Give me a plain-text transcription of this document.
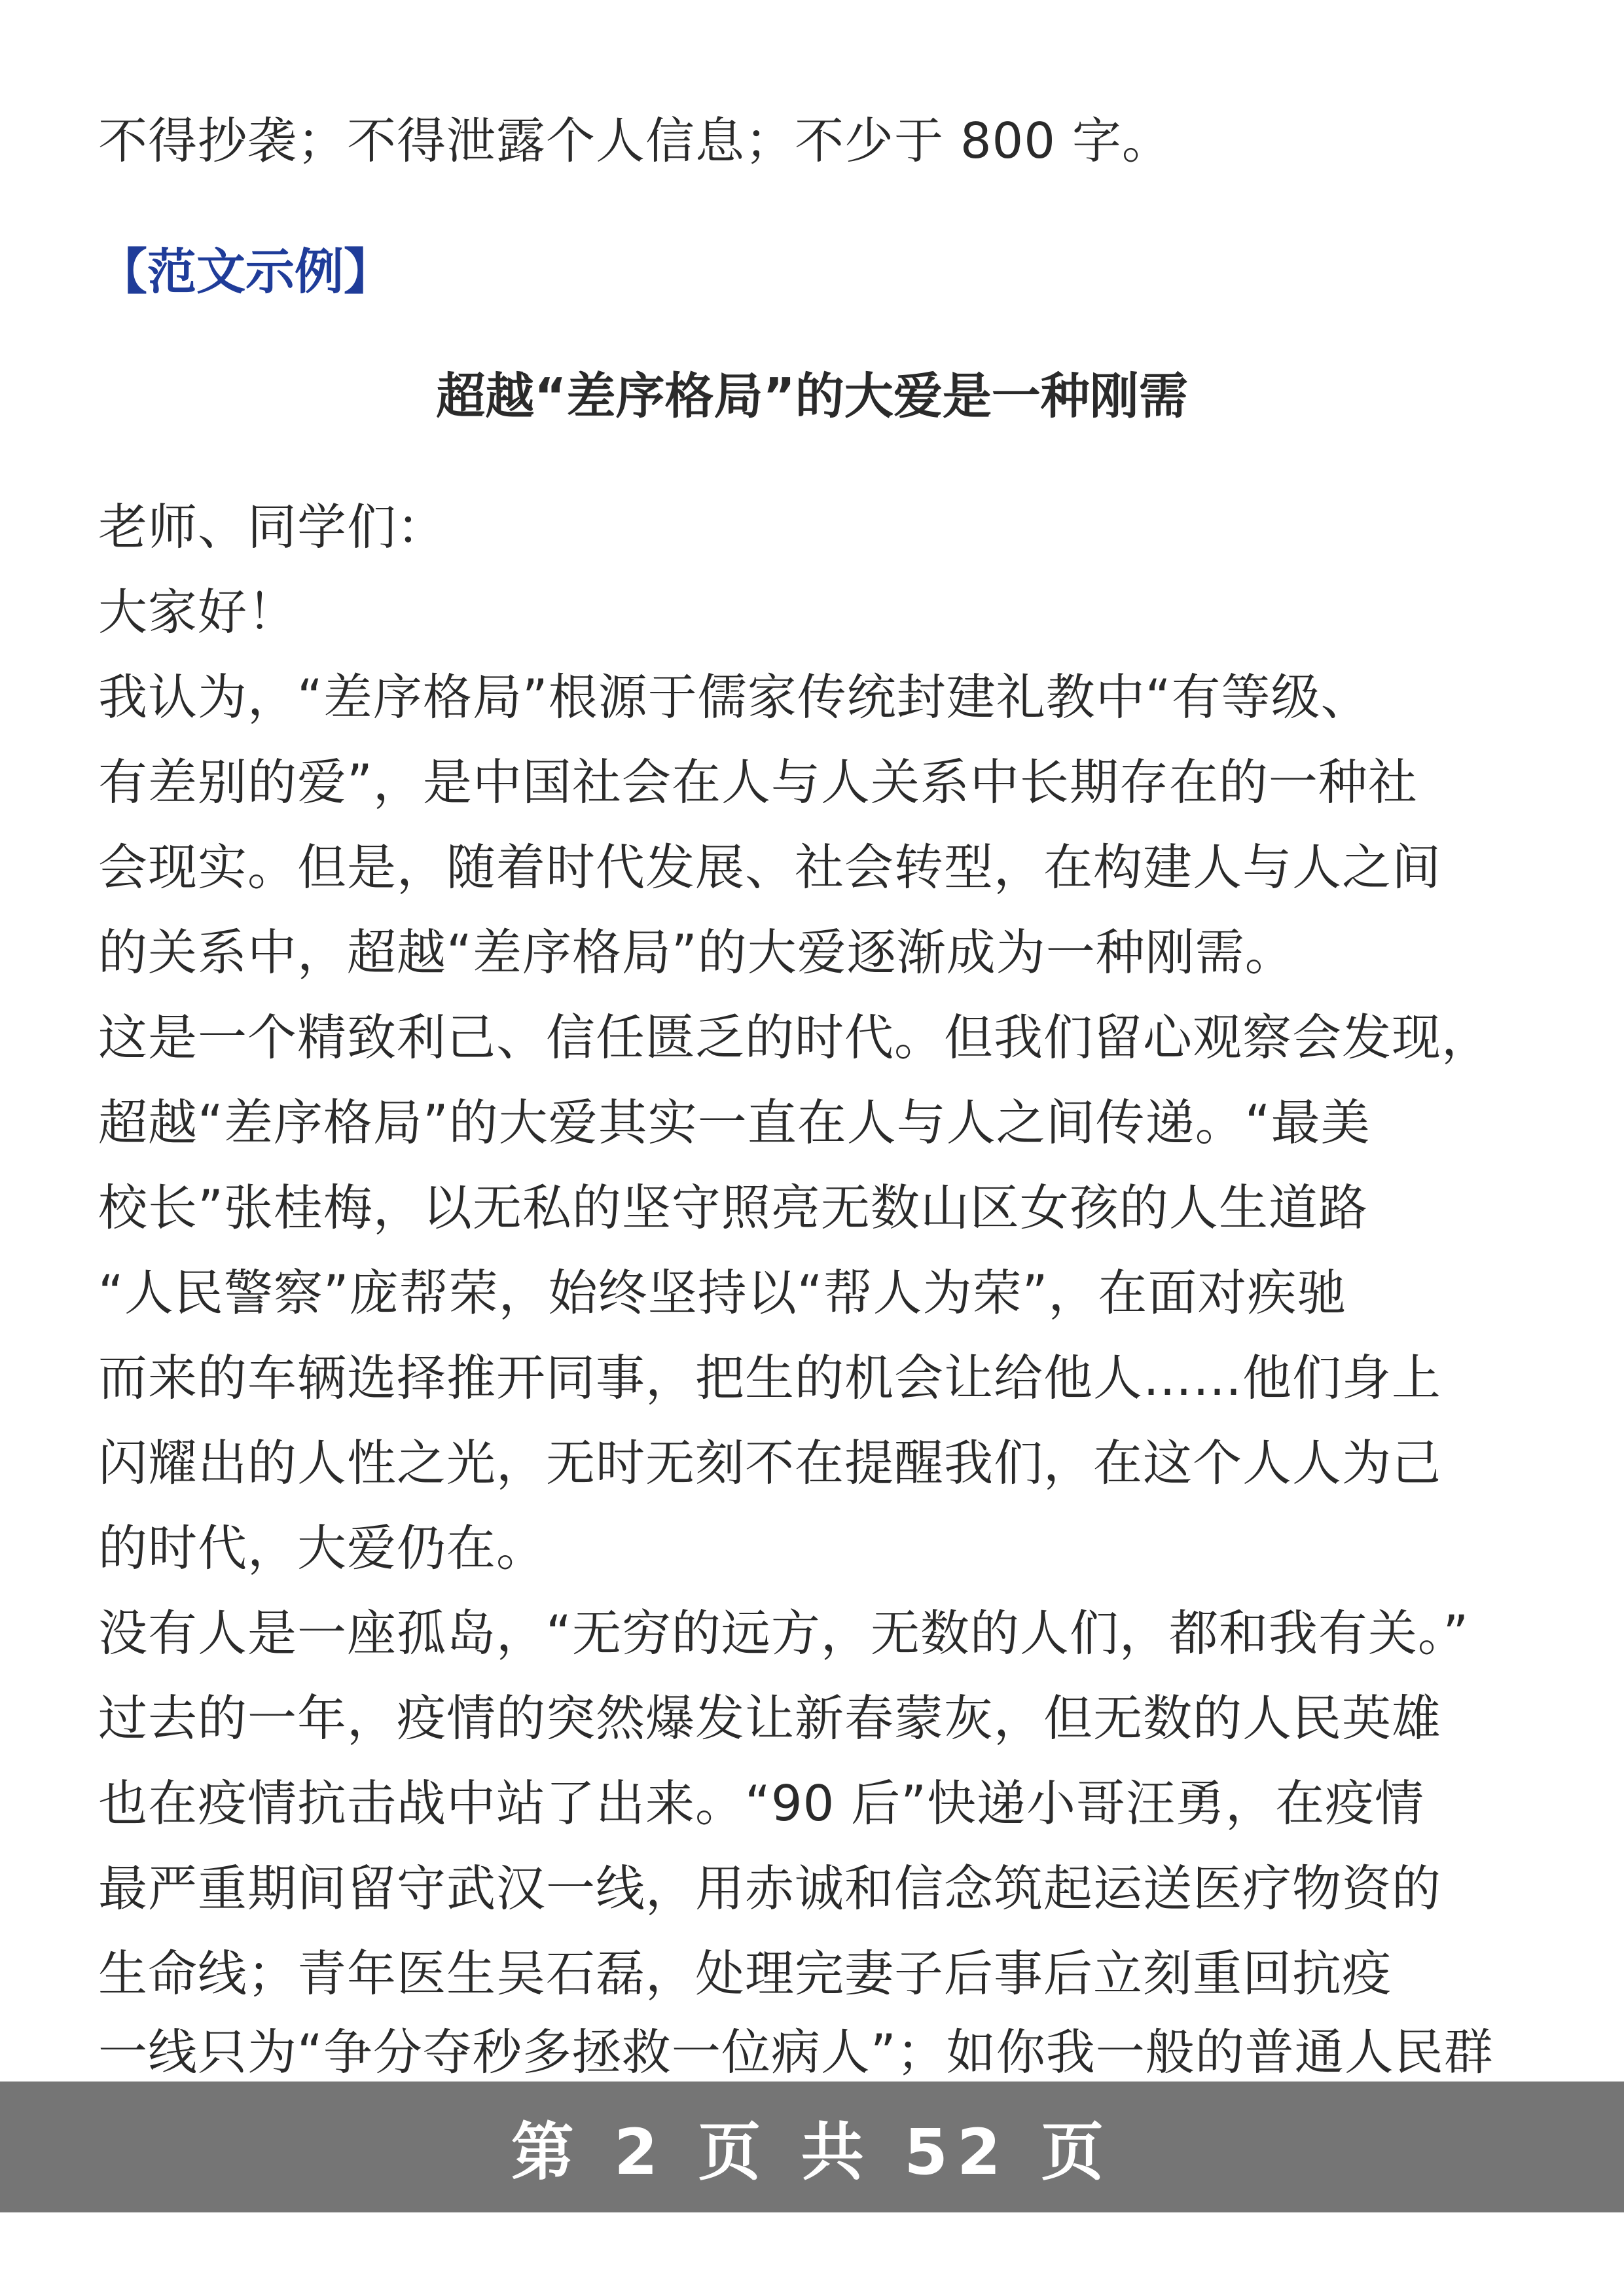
不得抄袭；不得泄露个人信息；不少于 800 字。
【范文示例】
超越“差序格局”的大爱是一种刚需
老师、同学们：
大家好！
我认为，“差序格局”根源于儒家传统封建礼教中“有等级、
有差别的爱”，是中国社会在人与人关系中长期存在的一种社
会现实。但是，随着时代发展、社会转型，在构建人与人之间
的关系中，超越“差序格局”的大爱逐渐成为一种刚需。
这是一个精致利己、信任匮乏的时代。但我们留心观察会发现，
超越“差序格局”的大爱其实一直在人与人之间传递。“最美
校长”张桂梅，以无私的坚守照亮无数山区女孩的人生道路
“人民警察”庞帮荣，始终坚持以“帮人为荣”，在面对疾驰
而来的车辆选择推开同事，把生的机会让给他人……他们身上
闪耀出的人性之光，无时无刻不在提醒我们，在这个人人为己
的时代，大爱仍在。
没有人是一座孤岛，“无穷的远方，无数的人们，都和我有关。”
过去的一年，疫情的突然爆发让新春蒙灰，但无数的人民英雄
也在疫情抗击战中站了出来。“90 后”快递小哥汪勇，在疫情
最严重期间留守武汉一线，用赤诚和信念筑起运送医疗物资的
生命线；青年医生吴石磊，处理完妻子后事后立刻重回抗疫
一线只为“争分夺秒多拯救一位病人”；如你我一般的普通人民群
第 2 页 共 52 页
